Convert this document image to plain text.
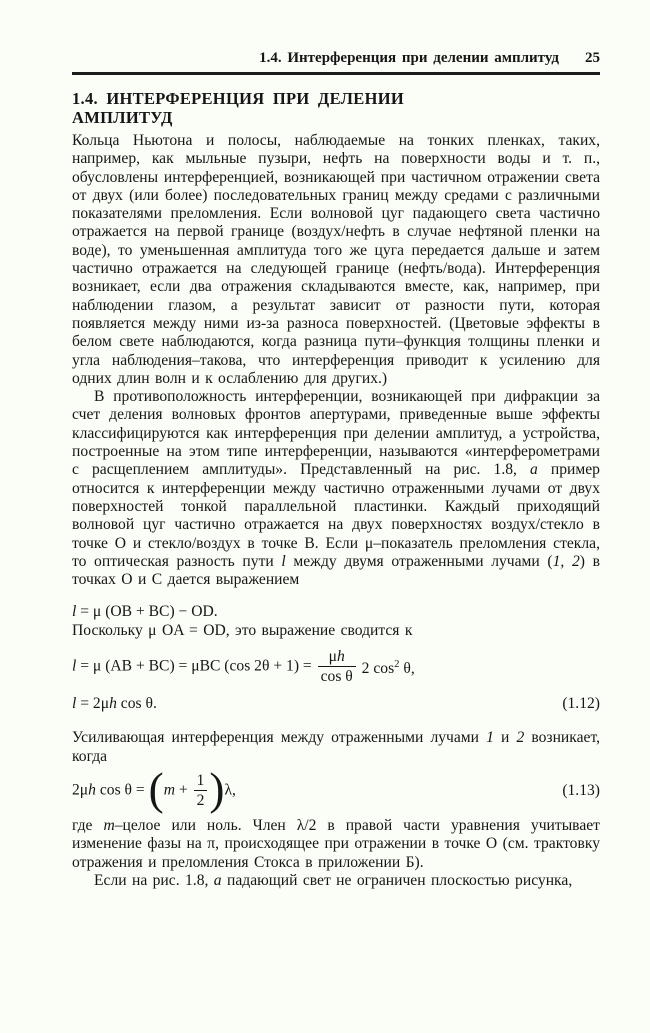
1.4. Интерференция при делении амплитуд 25
1.4. ИНТЕРФЕРЕНЦИЯ ПРИ ДЕЛЕНИИ
АМПЛИТУД

Кольца Ньютона и полосы, наблюдаемые на тонких пленках, таких, например, как мыльные пузыри, нефть на поверхности воды и т. п., обусловлены интерференцией, возникающей при частичном отражении света от двух (или более) последовательных границ между средами с различными показателями преломления. Если волновой цуг падающего света частично отражается на первой границе (воздух/нефть в случае нефтяной пленки на воде), то уменьшенная амплитуда того же цуга передается дальше и затем частично отражается на следующей границе (нефть/вода). Интерференция возникает, если два отражения складываются вместе, как, например, при наблюдении глазом, а результат зависит от разности пути, которая появляется между ними из-за разноса поверхностей. (Цветовые эффекты в белом свете наблюдаются, когда разница пути–функция толщины пленки и угла наблюдения–такова, что интерференция приводит к усилению для одних длин волн и к ослаблению для других.)

В противоположность интерференции, возникающей при дифракции за счет деления волновых фронтов апертурами, приведенные выше эффекты классифицируются как интерференция при делении амплитуд, а устройства, построенные на этом типе интерференции, называются «интерферометрами с расщеплением амплитуды». Представленный на рис. 1.8, а пример относится к интерференции между частично отраженными лучами от двух поверхностей тонкой параллельной пластинки. Каждый приходящий волновой цуг частично отражается на двух поверхностях воздух/стекло в точке O и стекло/воздух в точке B. Если μ–показатель преломления стекла, то оптическая разность пути l между двумя отраженными лучами (1, 2) в точках O и C дается выражением

l = μ (OB + BC) − OD.

Поскольку μ OA = OD, это выражение сводится к

l = μ (AB + BC) = μBC (cos $2\theta + 1) = \frac{\mu h}{\text{cos θ}} 2$ $\cos^2 \theta$,
l = 2μh cos θ.	(1.12)

Усиливающая интерференция между отраженными лучами 1 и 2 возникает, когда

2μh $\cos \theta = (m + \frac{1}{2} )\lambda$,	(1.13)

где m–целое или ноль. Член λ/2 в правой части уравнения учитывает изменение фазы на π, происходящее при отражении в точке O (см. трактовку отражения и преломления Стокса в приложении Б).

Если на рис. 1.8, а падающий свет не ограничен плоскостью рисунка,
